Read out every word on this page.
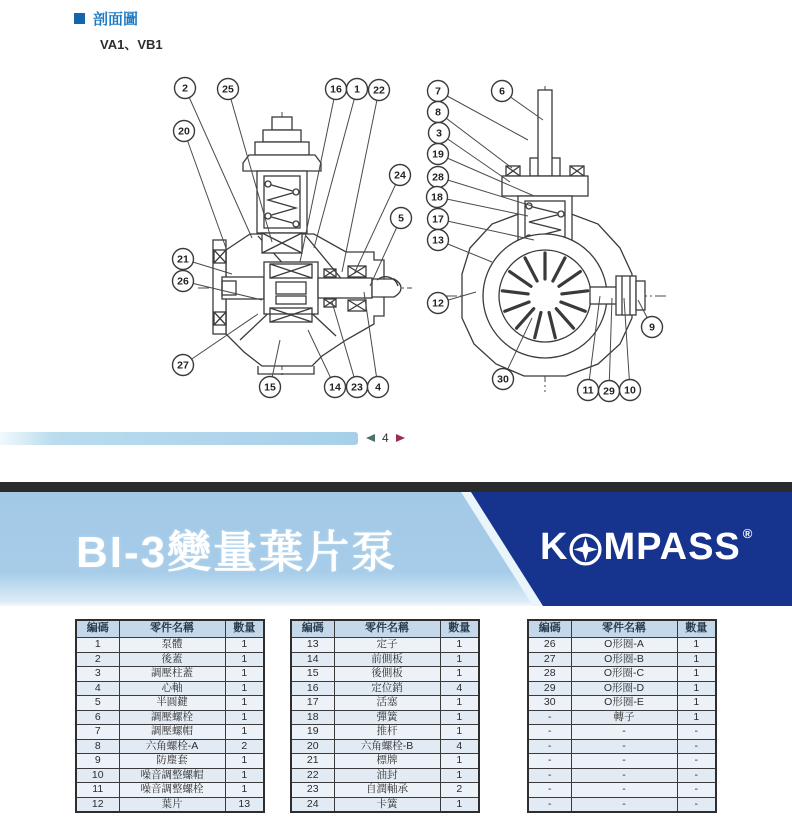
剖面圖
VA1、VB1
2	25	16 1 22
20
24
5
21
26
27
15	14 23 4
7	6
8
3
19
28
18
17
13
12
30
11 29 10
9
4
BI-3變量葉片泵	K MPASS ®
編碼	零件名稱	數量
1	泵體	1
2	後蓋	1
3	調壓柱蓋	1
4	心軸	1
5	半圓鍵	1
6	調壓螺栓	1
7	調壓螺帽	1
8	六角螺栓-A	2
9	防塵套	1
10	噪音調整螺帽	1
11	噪音調整螺栓	1
12	葉片	13
編碼	零件名稱	數量
13	定子	1
14	前側板	1
15	後側板	1
16	定位銷	4
17	活塞	1
18	彈簧	1
19	推杆	1
20	六角螺栓-B	4
21	標牌	1
22	油封	1
23	自潤軸承	2
24	卡簧	1
編碼	零件名稱	數量
26	O形圈-A	1
27	O形圈-B	1
28	O形圈-C	1
29	O形圈-D	1
30	O形圈-E	1
-	轉子	1
-	-	-
-	-	-
-	-	-
-	-	-
-	-	-
-	-	-
